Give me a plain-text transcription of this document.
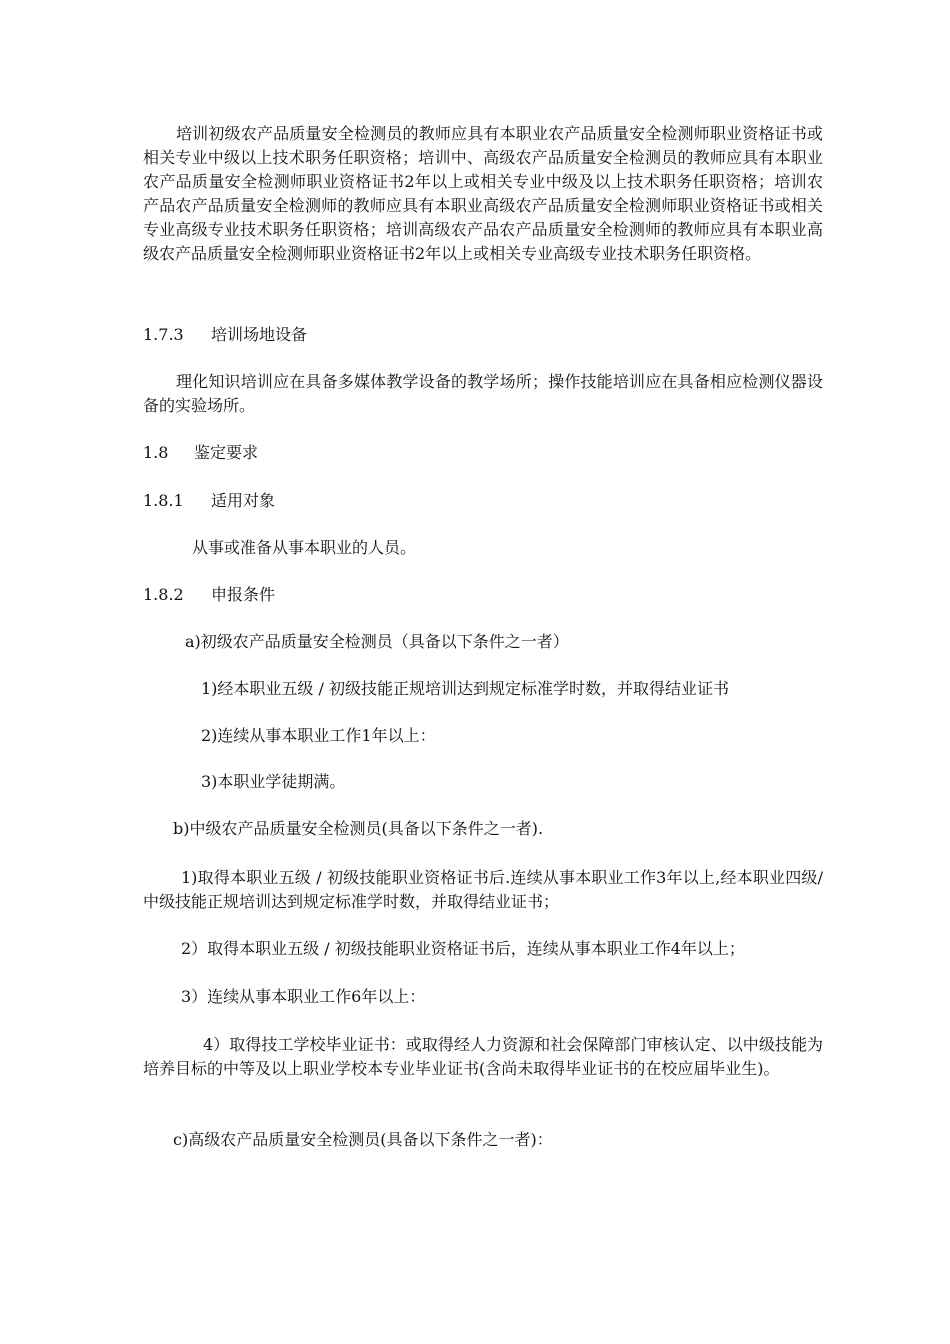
培训初级农产品质量安全检测员的教师应具有本职业农产品质量安全检测师职业资格证书或相关专业中级以上技术职务任职资格；培训中、高级农产品质量安全检测员的教师应具有本职业农产品质量安全检测师职业资格证书2年以上或相关专业中级及以上技术职务任职资格；培训农产品农产品质量安全检测师的教师应具有本职业高级农产品质量安全检测师职业资格证书或相关专业高级专业技术职务任职资格；培训高级农产品农产品质量安全检测师的教师应具有本职业高级农产品质量安全检测师职业资格证书2年以上或相关专业高级专业技术职务任职资格。

1.7.3 培训场地设备

理化知识培训应在具备多媒体教学设备的教学场所；操作技能培训应在具备相应检测仪器设备的实验场所。

1.8 鉴定要求
1.8.1 适用对象
从事或准备从事本职业的人员。
1.8.2 申报条件
a)初级农产品质量安全检测员（具备以下条件之一者）
1)经本职业五级 / 初级技能正规培训达到规定标准学时数，并取得结业证书
2)连续从事本职业工作1年以上：
3)本职业学徒期满。
b)中级农产品质量安全检测员(具备以下条件之一者).

1)取得本职业五级 / 初级技能职业资格证书后.连续从事本职业工作3年以上,经本职业四级/中级技能正规培训达到规定标准学时数，并取得结业证书；

2）取得本职业五级 / 初级技能职业资格证书后，连续从事本职业工作4年以上；
3）连续从事本职业工作6年以上：

4）取得技工学校毕业证书：或取得经人力资源和社会保障部门审核认定、以中级技能为培养目标的中等及以上职业学校本专业毕业证书(含尚未取得毕业证书的在校应届毕业生)。

c)高级农产品质量安全检测员(具备以下条件之一者)：
